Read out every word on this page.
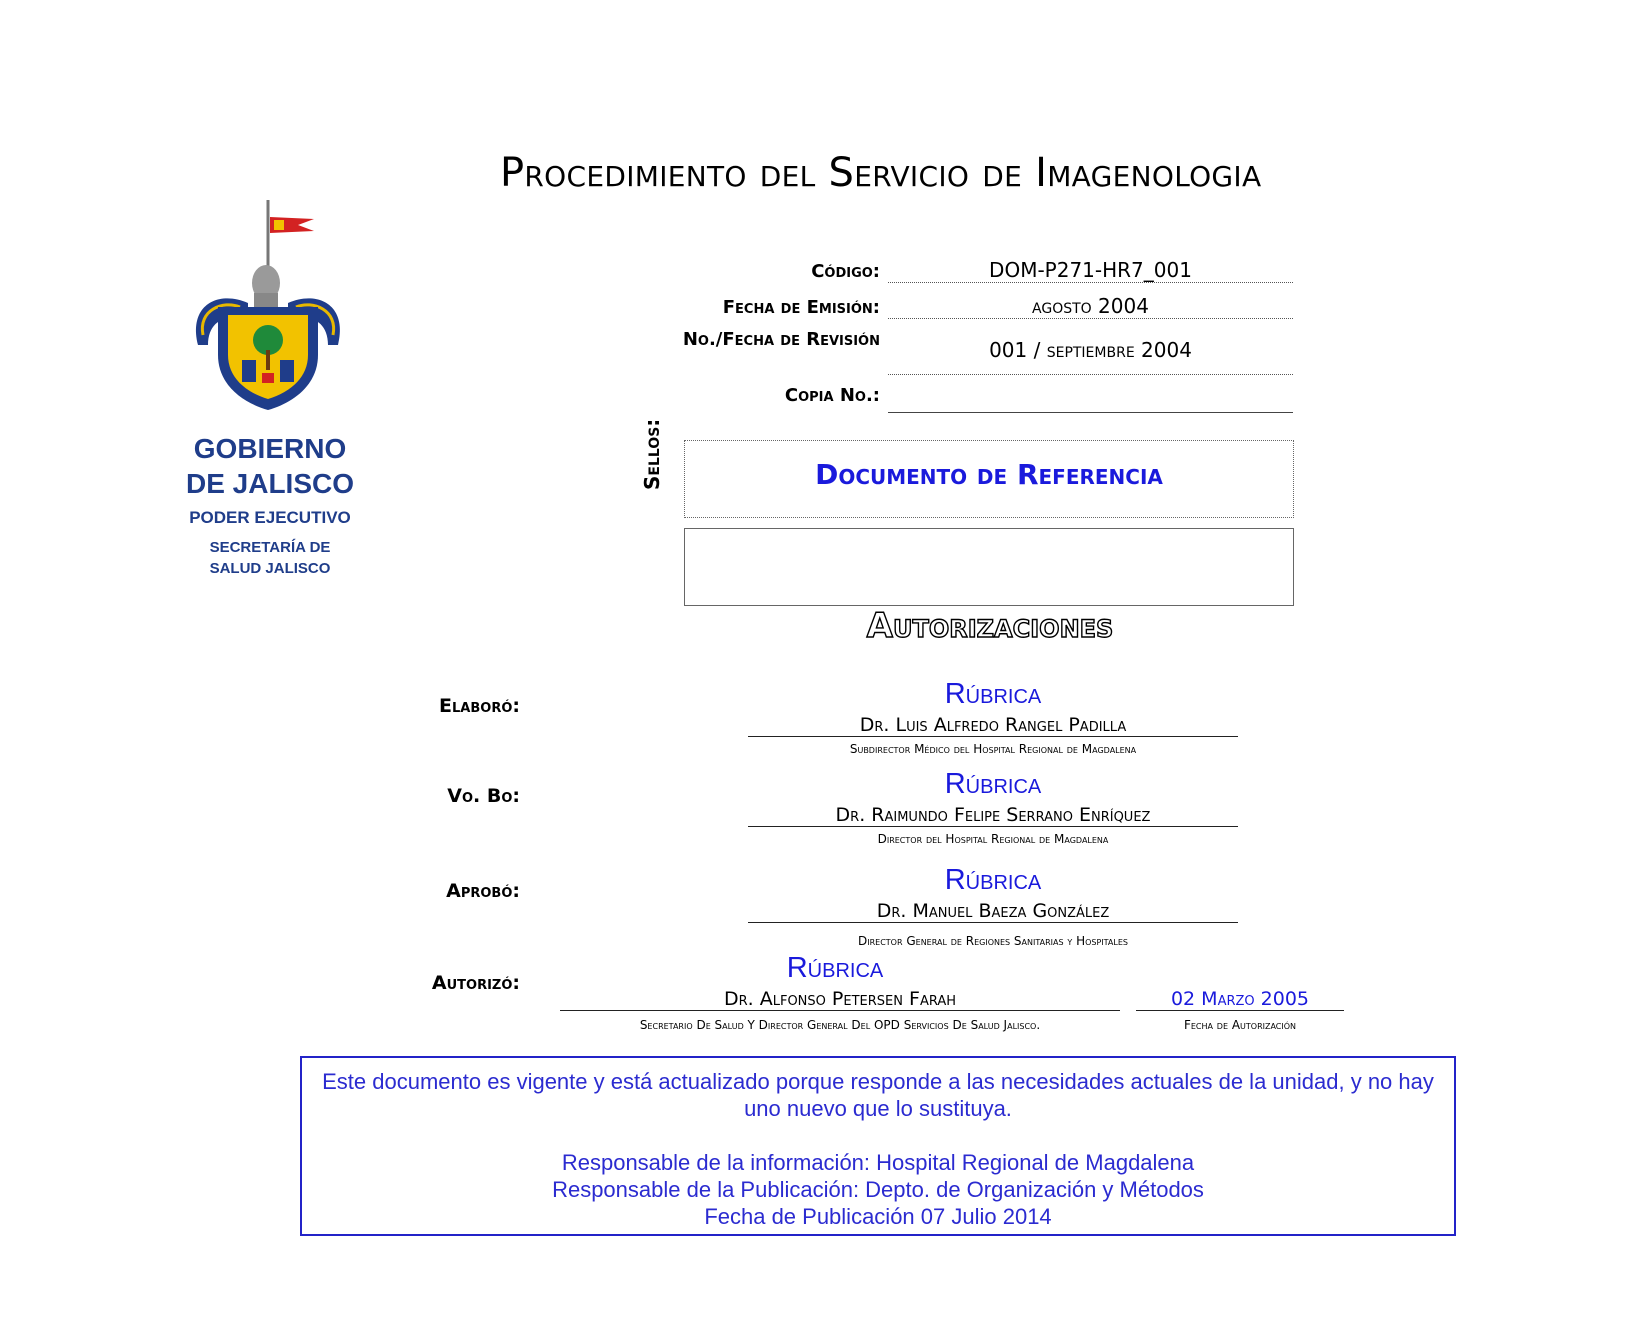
Procedimiento del Servicio de Imagenologia
GOBIERNO
DE JALISCO
PODER EJECUTIVO
SECRETARÍA DE SALUD JALISCO
Código:	DOM-P271-HR7_001
Fecha de Emisión:	agosto 2004
No./Fecha de Revisión	001 / septiembre 2004
Copia No.:
Sellos:	Documento de Referencia
Autorizaciones
Elaboró:	Rúbrica
Dr. Luis Alfredo Rangel Padilla
Subdirector Médico del Hospital Regional de Magdalena
Vo. Bo:	Rúbrica
Dr. Raimundo Felipe Serrano Enríquez
Director del Hospital Regional de Magdalena
Aprobó:	Rúbrica
Dr. Manuel Baeza González
Director General de Regiones Sanitarias y Hospitales
Autorizó:	Rúbrica
Dr. Alfonso Petersen Farah
Secretario De Salud Y Director General Del OPD Servicios De Salud Jalisco.
02 Marzo 2005
Fecha de Autorización

Este documento es vigente y está actualizado porque responde a las necesidades actuales de la unidad, y no hay uno nuevo que lo sustituya.

Responsable de la información: Hospital Regional de Magdalena

Responsable de la Publicación: Depto. de Organización y Métodos

Fecha de Publicación 07 Julio 2014
